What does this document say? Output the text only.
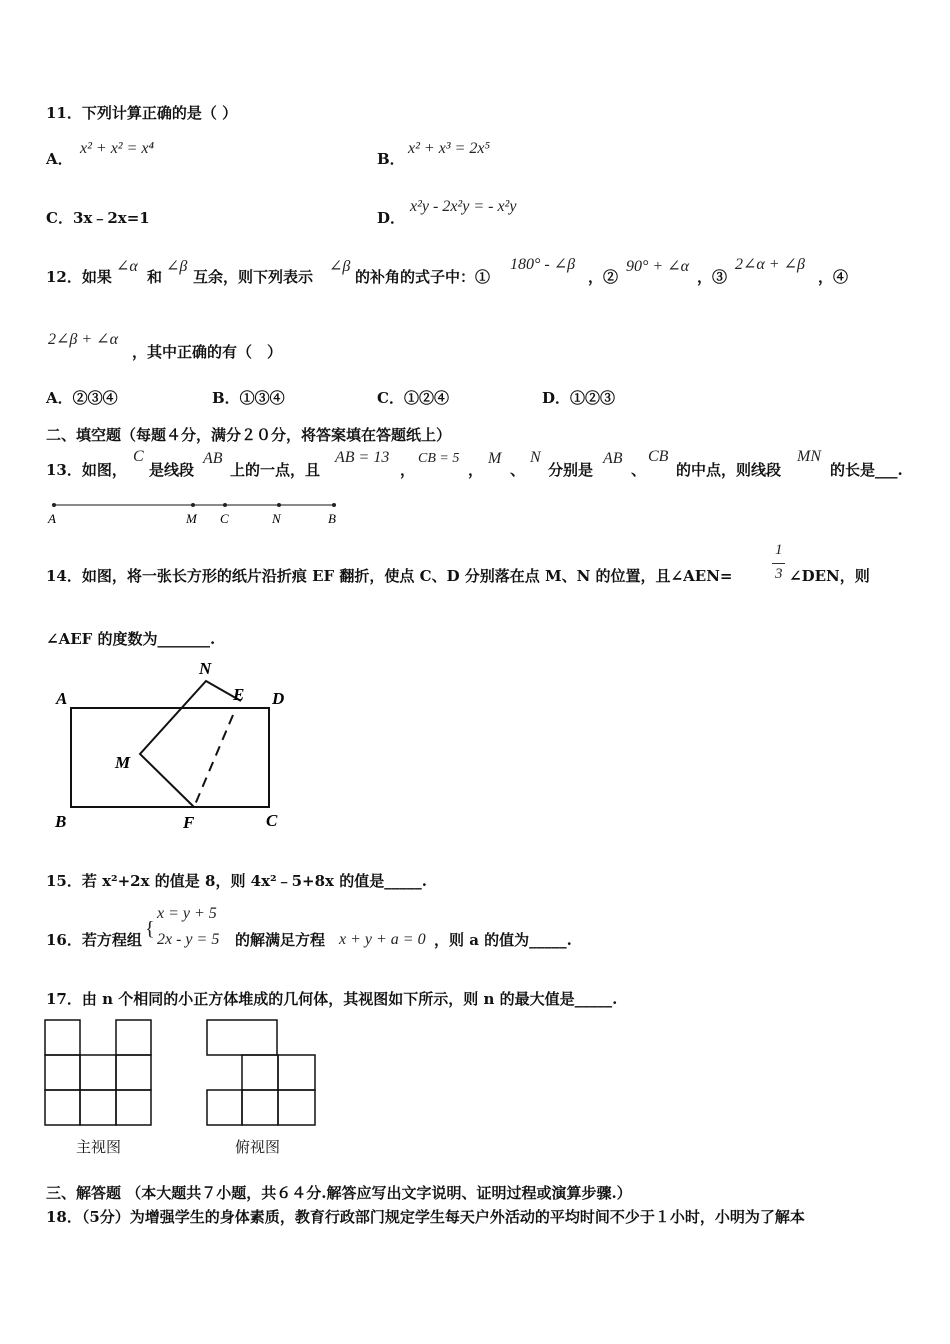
11．下列计算正确的是（ ）
A．
x² + x² = x⁴
B．
x² + x³ = 2x⁵
C．3x﹣2x=1	D．
x²y - 2x²y = - x²y
12．如果
∠α
和
∠β
互余，则下列表示
∠β
的补角的式子中：①
180° - ∠β
，②
90° + ∠α
，③
2∠α + ∠β
，④
2∠β + ∠α
，其中正确的有（　）
A．②③④	B．①③④	C．①②④	D．①②③
二、填空题（每题４分，满分２０分，将答案填在答题纸上）
13．如图，
C
是线段
AB
上的一点，且
AB = 13
，
CB = 5
，
M
、
N
分别是
AB
、
CB
的中点，则线段
MN
的长是___.
A	M C	N	B
14．如图，将一张长方形的纸片沿折痕 EF 翻折，使点 C、D 分别落在点 M、N 的位置，且∠AEN=
1
3 ∠DEN，则
∠AEF 的度数为_______.
N
E D
A
M
B	F	C
15．若 x²+2x 的值是 8，则 4x²﹣5+8x 的值是_____.
16．若方程组 {
x = y + 5
2x - y = 5 的解满足方程 x + y + a = 0 ，则 a 的值为_____.
17．由 n 个相同的小正方体堆成的几何体，其视图如下所示，则 n 的最大值是_____.
主视图	俯视图
三、解答题 （本大题共７小题，共６４分.解答应写出文字说明、证明过程或演算步骤.）
18．（5分）为增强学生的身体素质，教育行政部门规定学生每天户外活动的平均时间不少于１小时，小明为了解本
